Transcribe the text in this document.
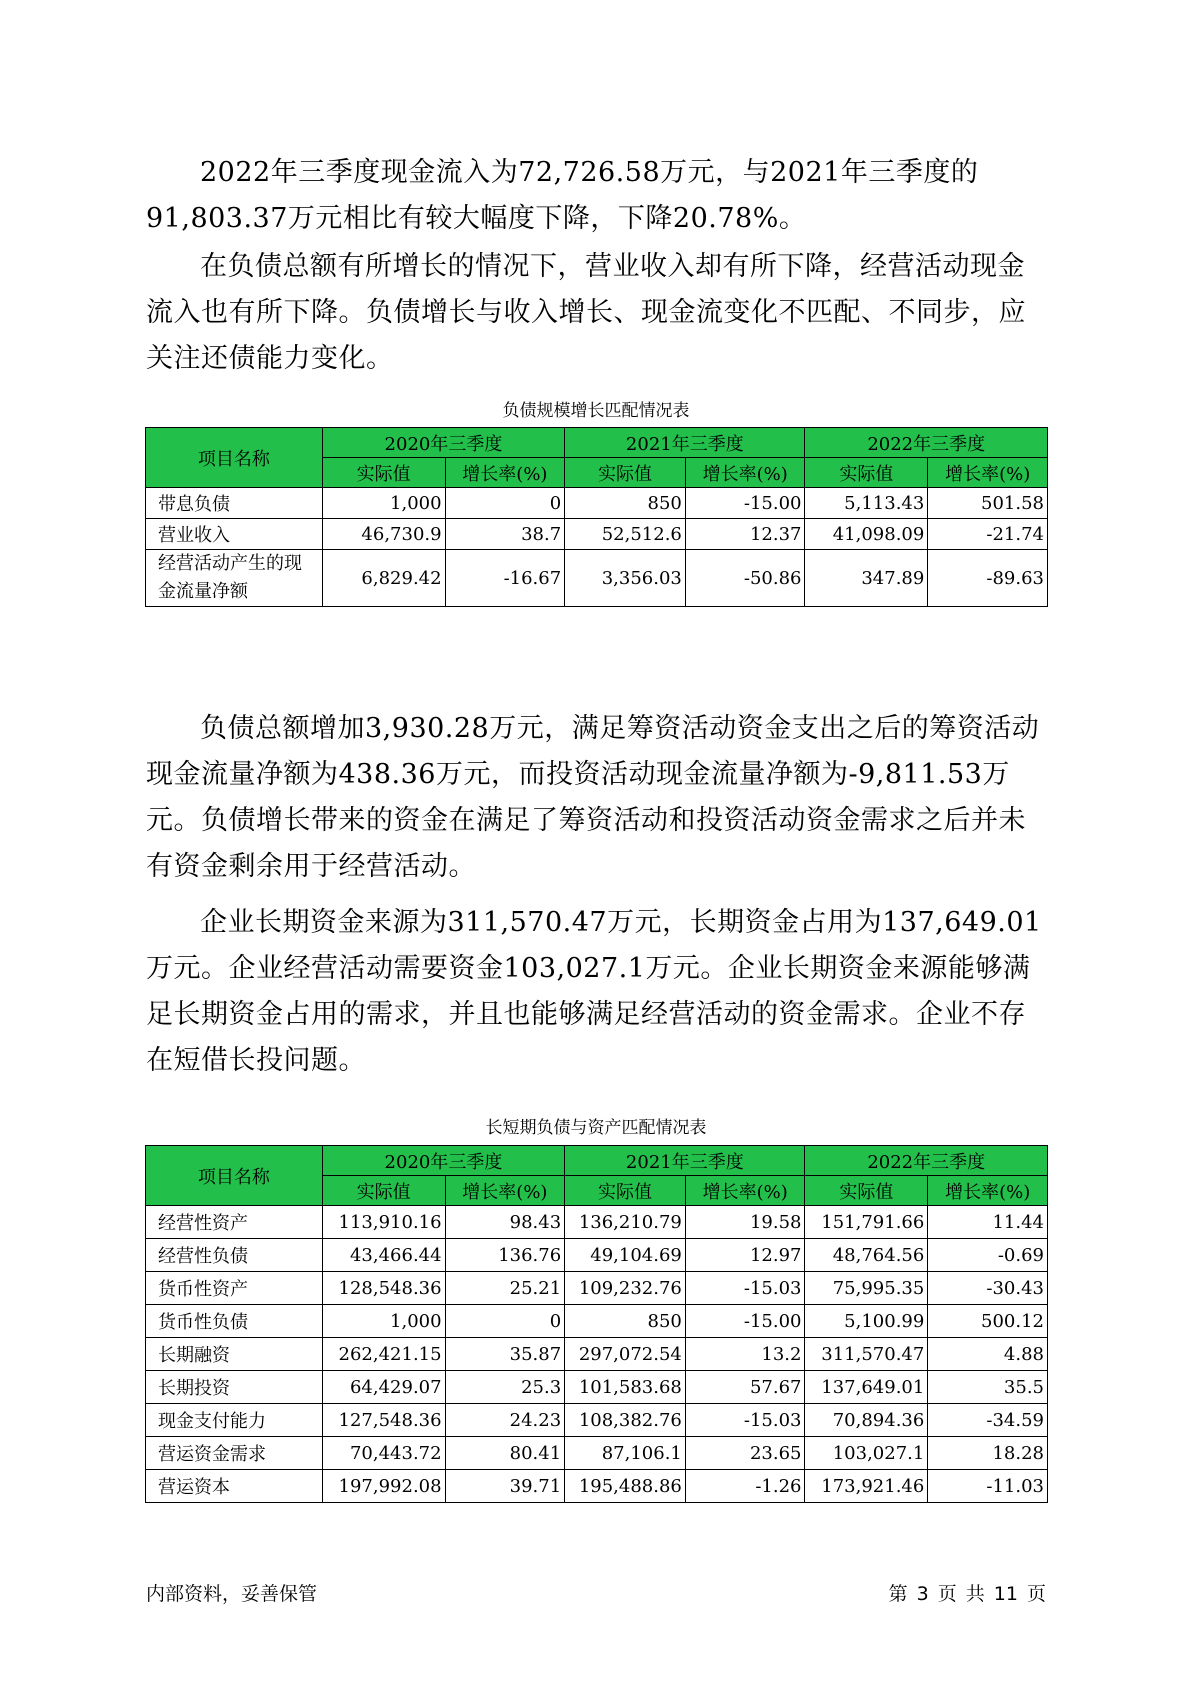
2022年三季度现金流入为72,726.58万元，与2021年三季度的91,803.37万元相比有较大幅度下降，下降20.78%。

在负债总额有所增长的情况下，营业收入却有所下降，经营活动现金流入也有所下降。负债增长与收入增长、现金流变化不匹配、不同步，应关注还债能力变化。

负债规模增长匹配情况表
项目名称	2020年三季度		2021年三季度		2022年三季度	
	实际值	增长率(%)	实际值	增长率(%)	实际值	增长率(%)
带息负债	1,000	0	850	-15.00	5,113.43	501.58
营业收入	46,730.9	38.7	52,512.6	12.37	41,098.09	-21.74
经营活动产生的现金流量净额	6,829.42	-16.67	3,356.03	-50.86	347.89	-89.63

负债总额增加3,930.28万元，满足筹资活动资金支出之后的筹资活动现金流量净额为438.36万元，而投资活动现金流量净额为-9,811.53万元。负债增长带来的资金在满足了筹资活动和投资活动资金需求之后并未有资金剩余用于经营活动。

企业长期资金来源为311,570.47万元，长期资金占用为137,649.01万元。企业经营活动需要资金103,027.1万元。企业长期资金来源能够满足长期资金占用的需求，并且也能够满足经营活动的资金需求。企业不存在短借长投问题。

长短期负债与资产匹配情况表
项目名称	2020年三季度		2021年三季度		2022年三季度	
	实际值	增长率(%)	实际值	增长率(%)	实际值	增长率(%)
经营性资产	113,910.16	98.43	136,210.79	19.58	151,791.66	11.44
经营性负债	43,466.44	136.76	49,104.69	12.97	48,764.56	-0.69
货币性资产	128,548.36	25.21	109,232.76	-15.03	75,995.35	-30.43
货币性负债	1,000	0	850	-15.00	5,100.99	500.12
长期融资	262,421.15	35.87	297,072.54	13.2	311,570.47	4.88
长期投资	64,429.07	25.3	101,583.68	57.67	137,649.01	35.5
现金支付能力	127,548.36	24.23	108,382.76	-15.03	70,894.36	-34.59
营运资金需求	70,443.72	80.41	87,106.1	23.65	103,027.1	18.28
营运资本	197,992.08	39.71	195,488.86	-1.26	173,921.46	-11.03
内部资料，妥善保管	第 3 页 共 11 页
